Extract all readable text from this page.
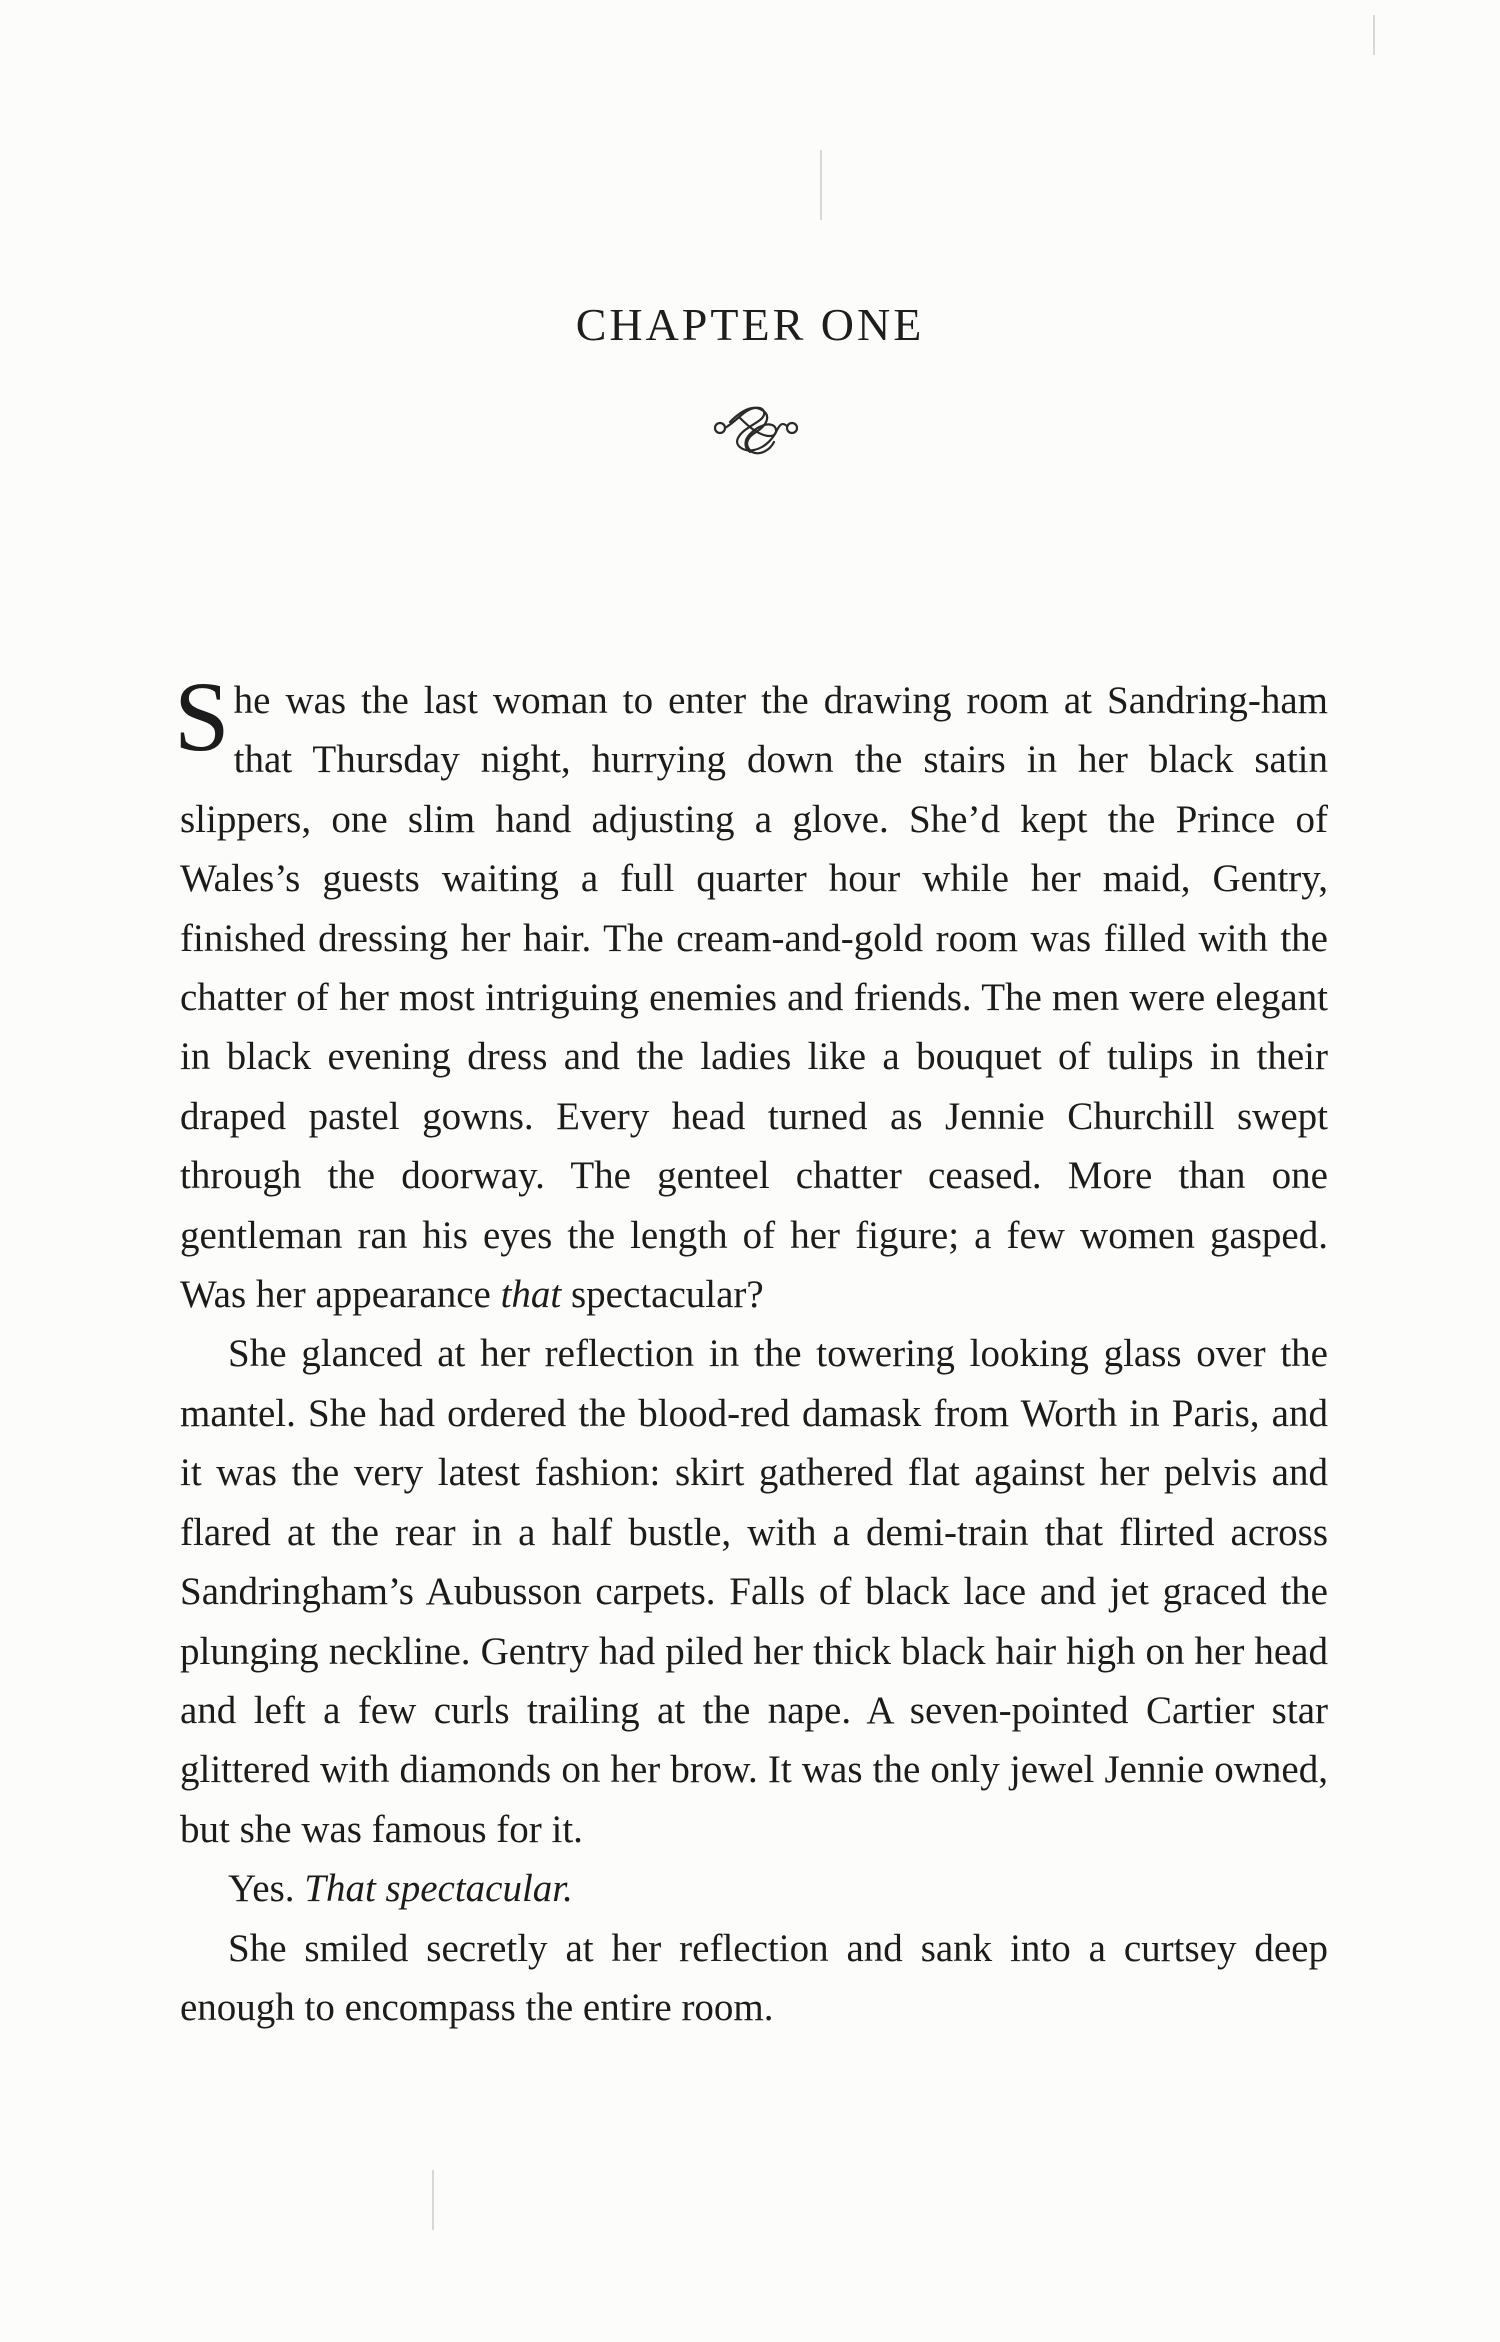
CHAPTER ONE

She was the last woman to enter the drawing room at Sandring-ham that Thursday night, hurrying down the stairs in her black satin slippers, one slim hand adjusting a glove. She’d kept the Prince of Wales’s guests waiting a full quarter hour while her maid, Gentry, finished dressing her hair. The cream-and-gold room was filled with the chatter of her most intriguing enemies and friends. The men were elegant in black evening dress and the ladies like a bouquet of tulips in their draped pastel gowns. Every head turned as Jennie Churchill swept through the doorway. The genteel chatter ceased. More than one gentleman ran his eyes the length of her figure; a few women gasped. Was her appearance that spectacular?

She glanced at her reflection in the towering looking glass over the mantel. She had ordered the blood-red damask from Worth in Paris, and it was the very latest fashion: skirt gathered flat against her pelvis and flared at the rear in a half bustle, with a demi-train that flirted across Sandringham’s Aubusson carpets. Falls of black lace and jet graced the plunging neckline. Gentry had piled her thick black hair high on her head and left a few curls trailing at the nape. A seven-pointed Cartier star glittered with diamonds on her brow. It was the only jewel Jennie owned, but she was famous for it.

Yes. That spectacular.

She smiled secretly at her reflection and sank into a curtsey deep enough to encompass the entire room.
